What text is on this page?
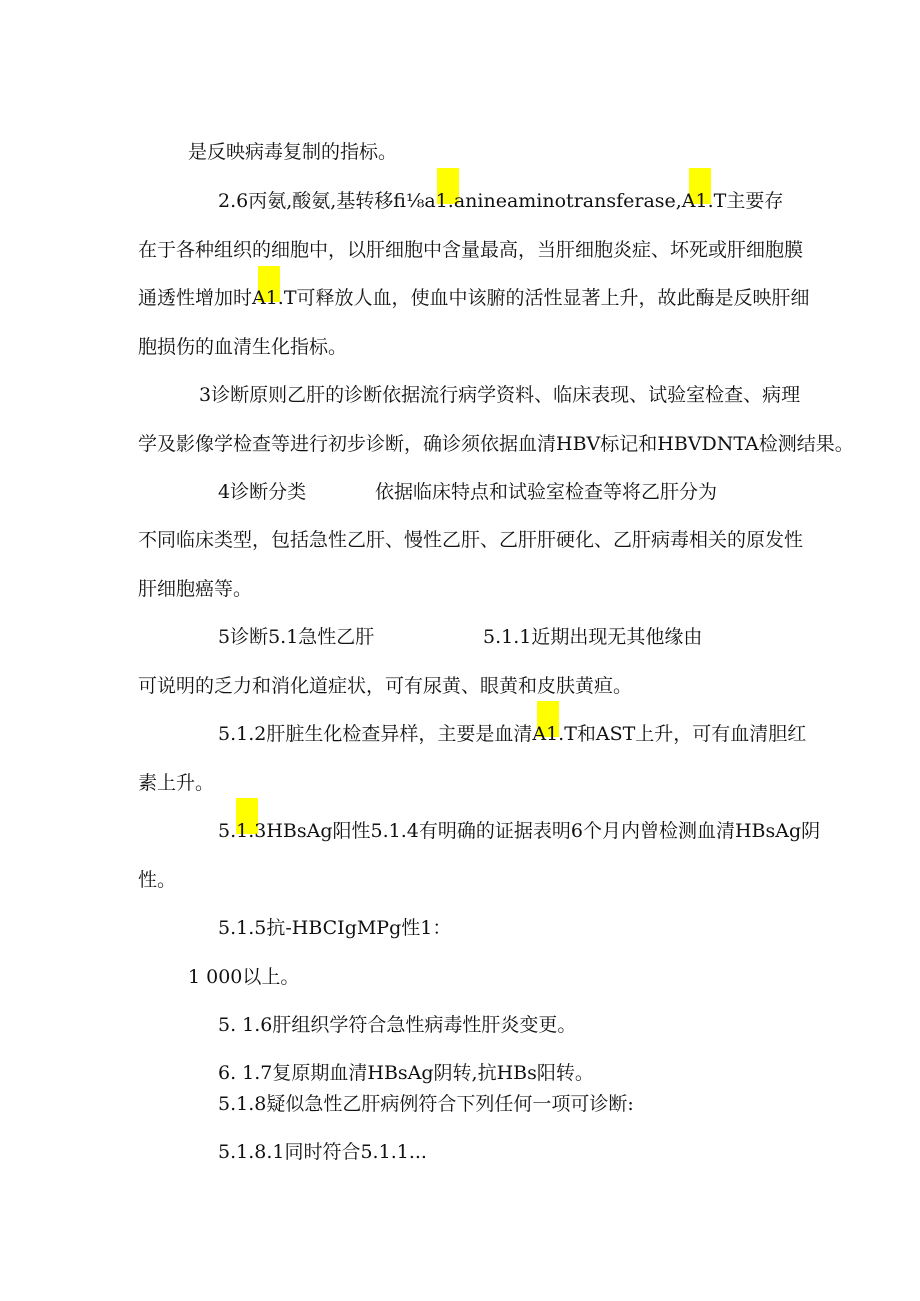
是反映病毒复制的指标。
2.6丙氨,酸氨,基转移fi⅛a1.anineaminotransferase,A1.T主要存
在于各种组织的细胞中，以肝细胞中含量最高，当肝细胞炎症、坏死或肝细胞膜
通透性增加时A1.T可释放人血，使血中该腑的活性显著上升，故此酶是反映肝细
胞损伤的血清生化指标。
3诊断原则乙肝的诊断依据流行病学资料、临床表现、试验室检查、病理
学及影像学检查等进行初步诊断，确诊须依据血清HBV标记和HBVDNTA检测结果。
4诊断分类	依据临床特点和试验室检查等将乙肝分为
不同临床类型，包括急性乙肝、慢性乙肝、乙肝肝硬化、乙肝病毒相关的原发性
肝细胞癌等。
5诊断5.1急性乙肝	5.1.1近期出现无其他缘由
可说明的乏力和消化道症状，可有尿黄、眼黄和皮肤黄疸。
5.1.2肝脏生化检查异样，主要是血清A1.T和AST上升，可有血清胆红
素上升。
5.1.3HBsAg阳性5.1.4有明确的证据表明6个月内曾检测血清HBsAg阴
性。
5.1.5抗-HBCIgMPg性1：
1 000以上。
5. 1.6肝组织学符合急性病毒性肝炎变更。
6. 1.7复原期血清HBsAg阴转,抗HBs阳转。
5.1.8疑似急性乙肝病例符合下列任何一项可诊断:
5.1.8.1同时符合5.1.1...
